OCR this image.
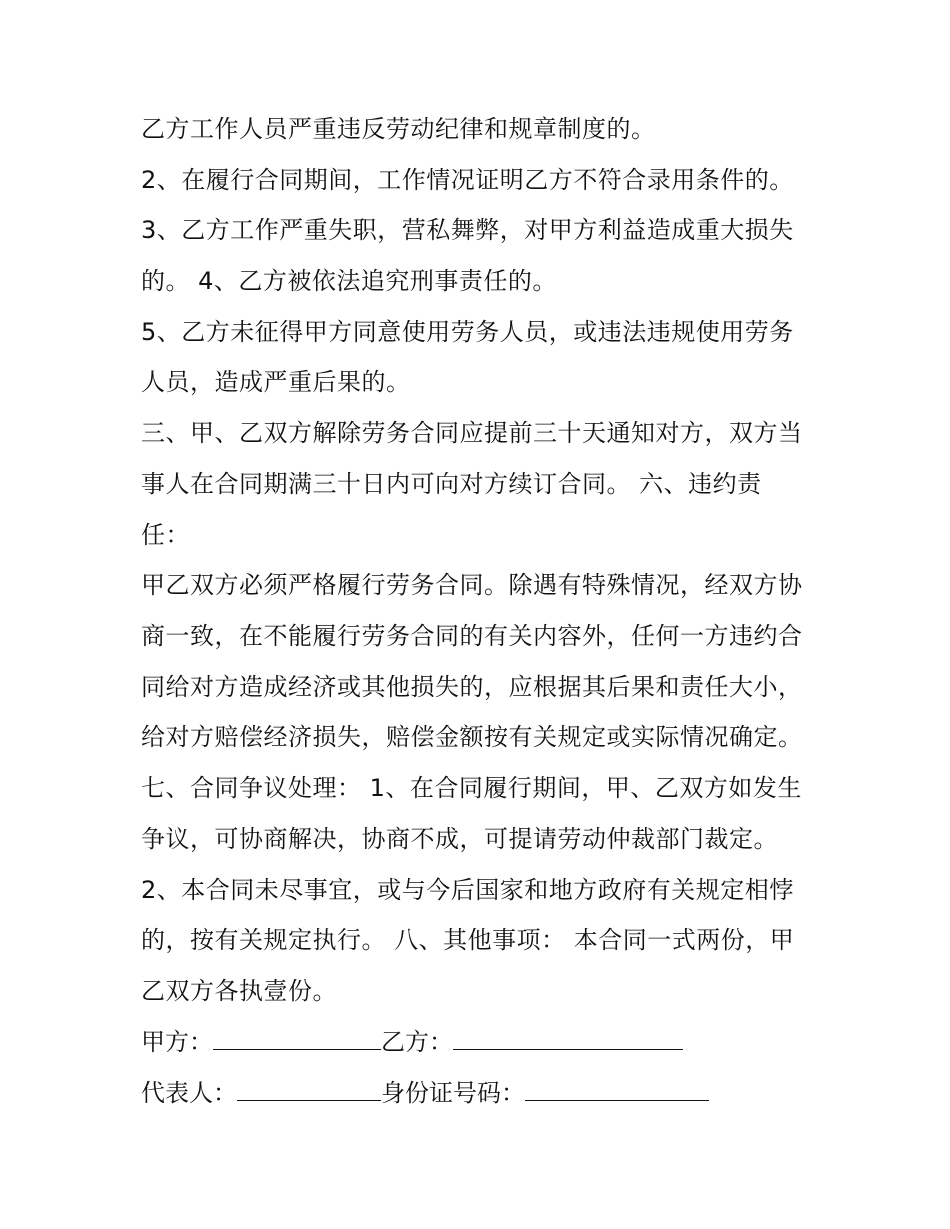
乙方工作人员严重违反劳动纪律和规章制度的。
2、在履行合同期间，工作情况证明乙方不符合录用条件的。
3、乙方工作严重失职，营私舞弊，对甲方利益造成重大损失
的。 4、乙方被依法追究刑事责任的。
5、乙方未征得甲方同意使用劳务人员，或违法违规使用劳务
人员，造成严重后果的。
三、甲、乙双方解除劳务合同应提前三十天通知对方，双方当
事人在合同期满三十日内可向对方续订合同。 六、违约责
任：
甲乙双方必须严格履行劳务合同。除遇有特殊情况，经双方协
商一致，在不能履行劳务合同的有关内容外，任何一方违约合
同给对方造成经济或其他损失的，应根据其后果和责任大小，
给对方赔偿经济损失，赔偿金额按有关规定或实际情况确定。
七、合同争议处理： 1、在合同履行期间，甲、乙双方如发生
争议，可协商解决，协商不成，可提请劳动仲裁部门裁定。
2、本合同未尽事宜，或与今后国家和地方政府有关规定相悖
的，按有关规定执行。 八、其他事项： 本合同一式两份，甲
乙双方各执壹份。
甲方：	乙方：
代表人：	身份证号码：
